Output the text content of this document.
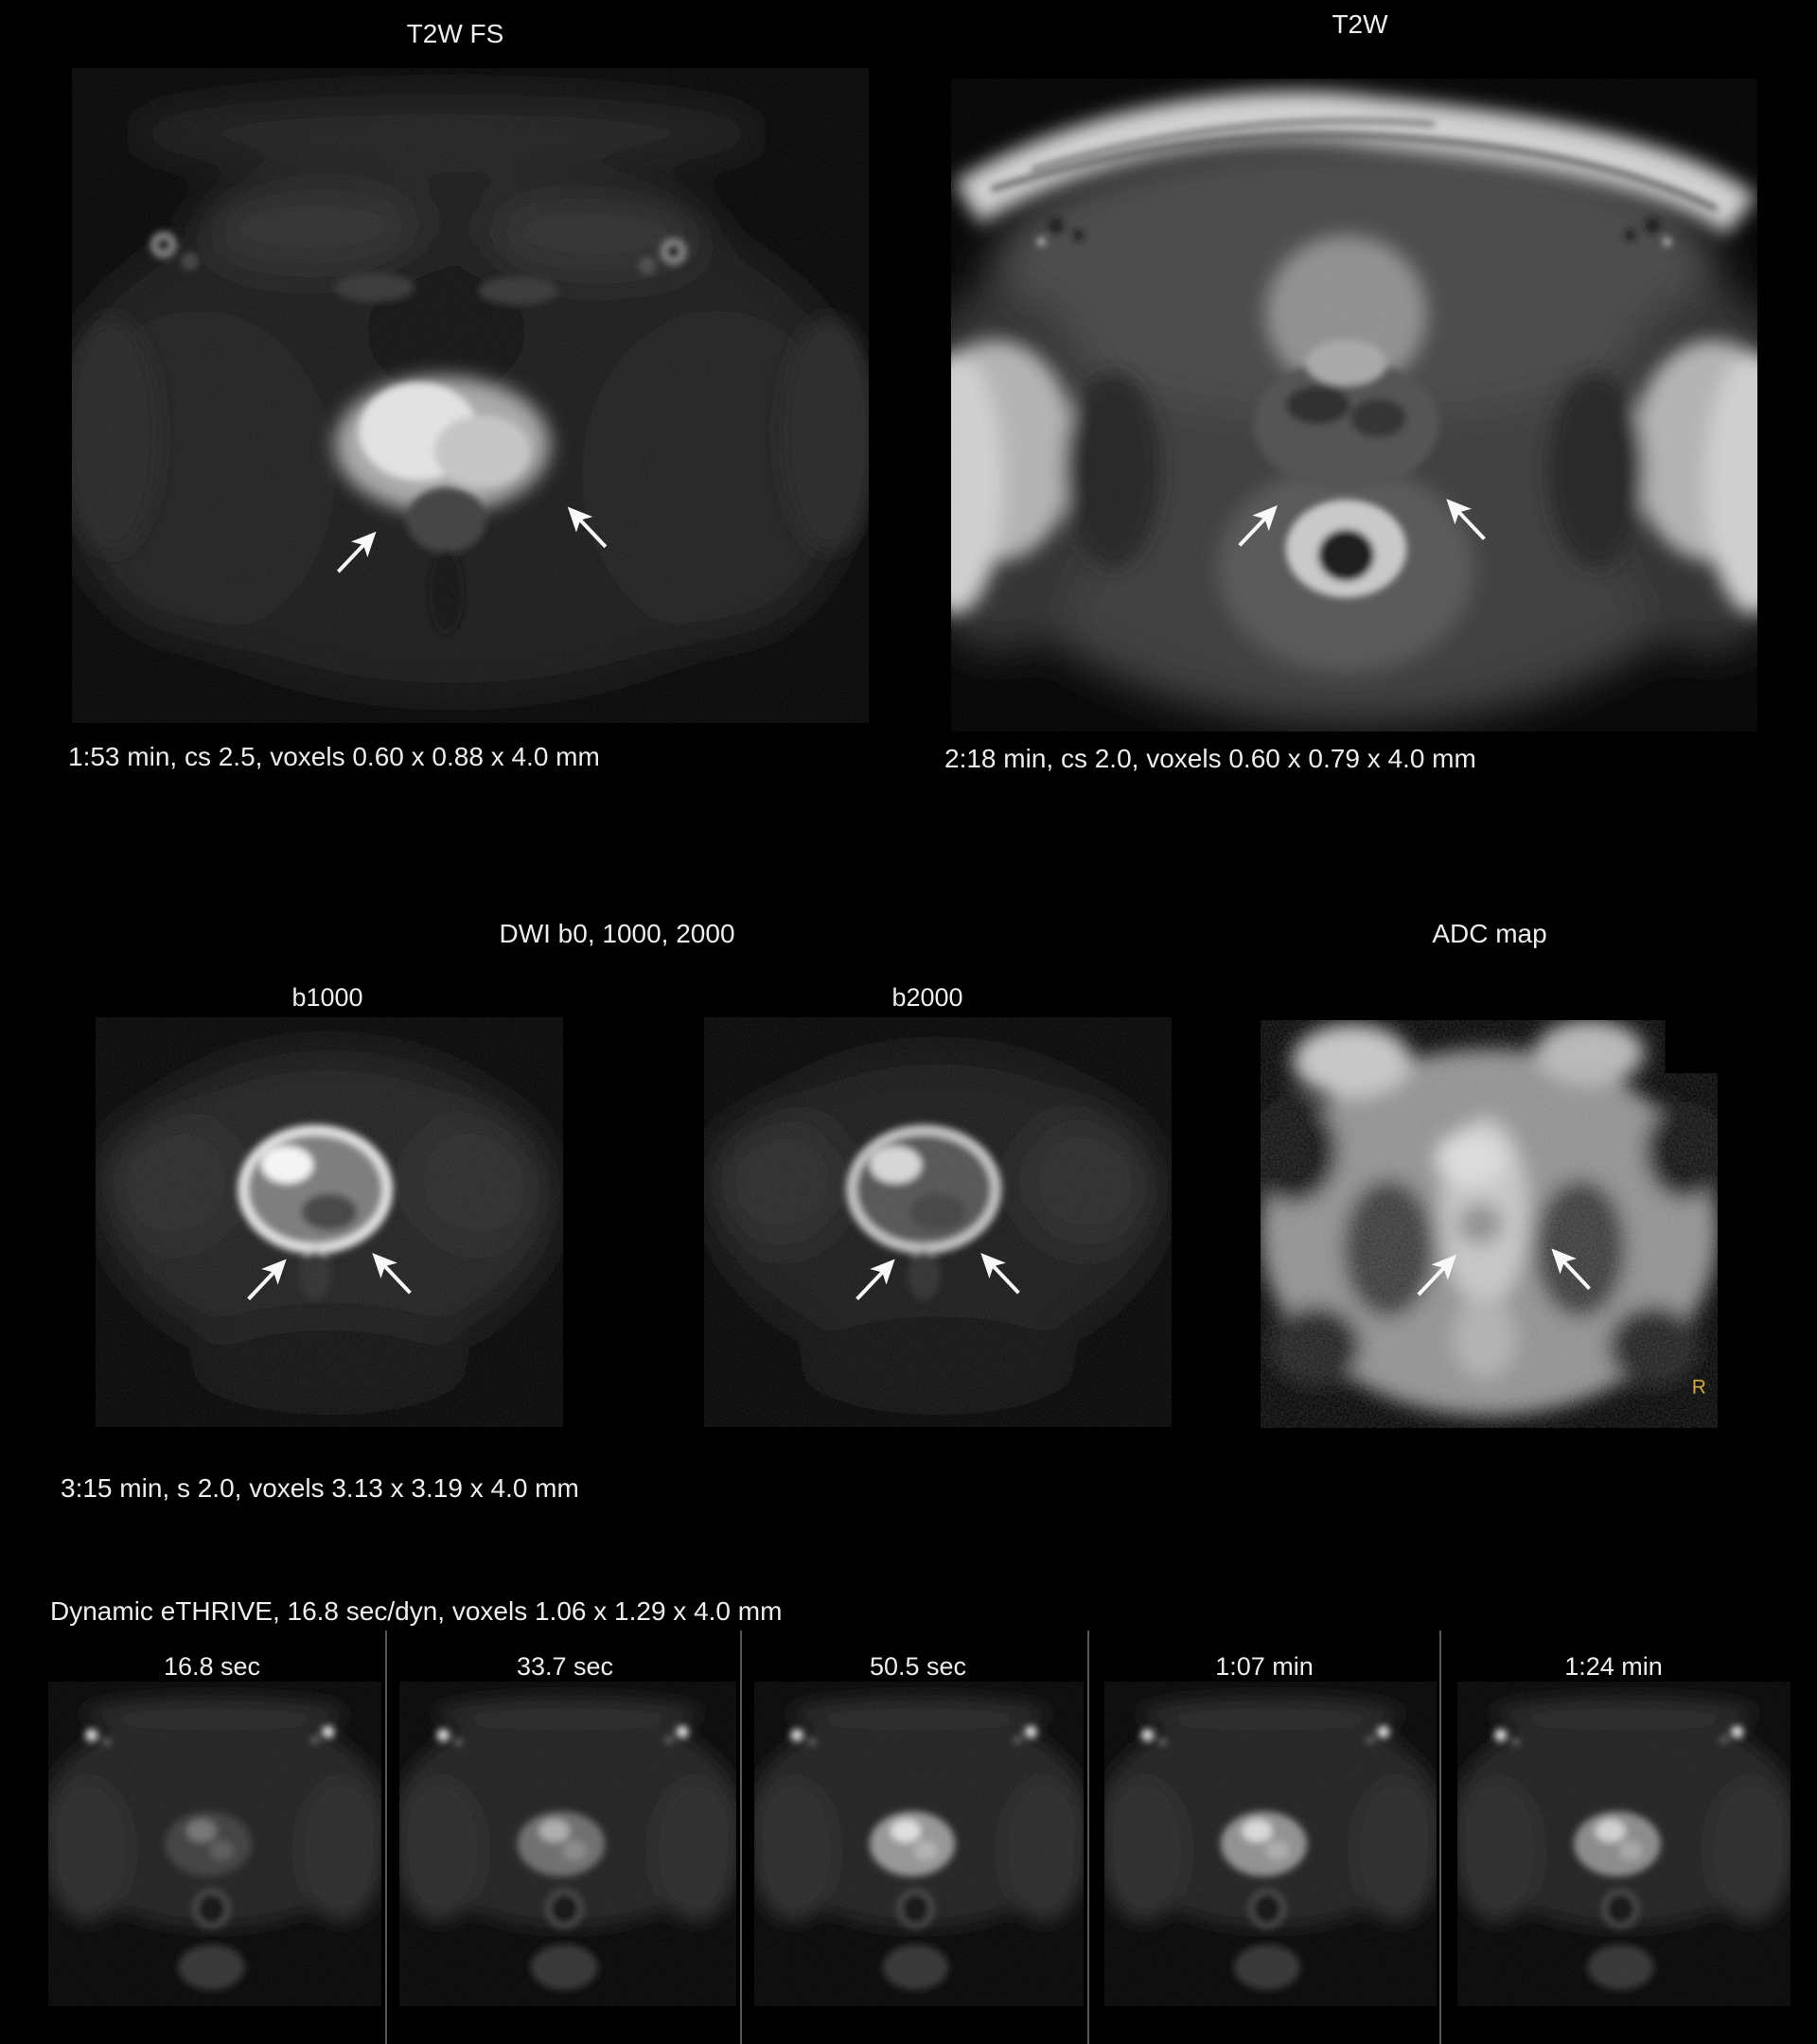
T2W FS	T2W
1:53 min, cs 2.5, voxels 0.60 x 0.88 x 4.0 mm	2:18 min, cs 2.0, voxels 0.60 x 0.79 x 4.0 mm
DWI b0, 1000, 2000	ADC map
b1000	b2000
R
3:15 min, s 2.0, voxels 3.13 x 3.19 x 4.0 mm
Dynamic eTHRIVE, 16.8 sec/dyn, voxels 1.06 x 1.29 x 4.0 mm
16.8 sec	33.7 sec	50.5 sec	1:07 min	1:24 min
